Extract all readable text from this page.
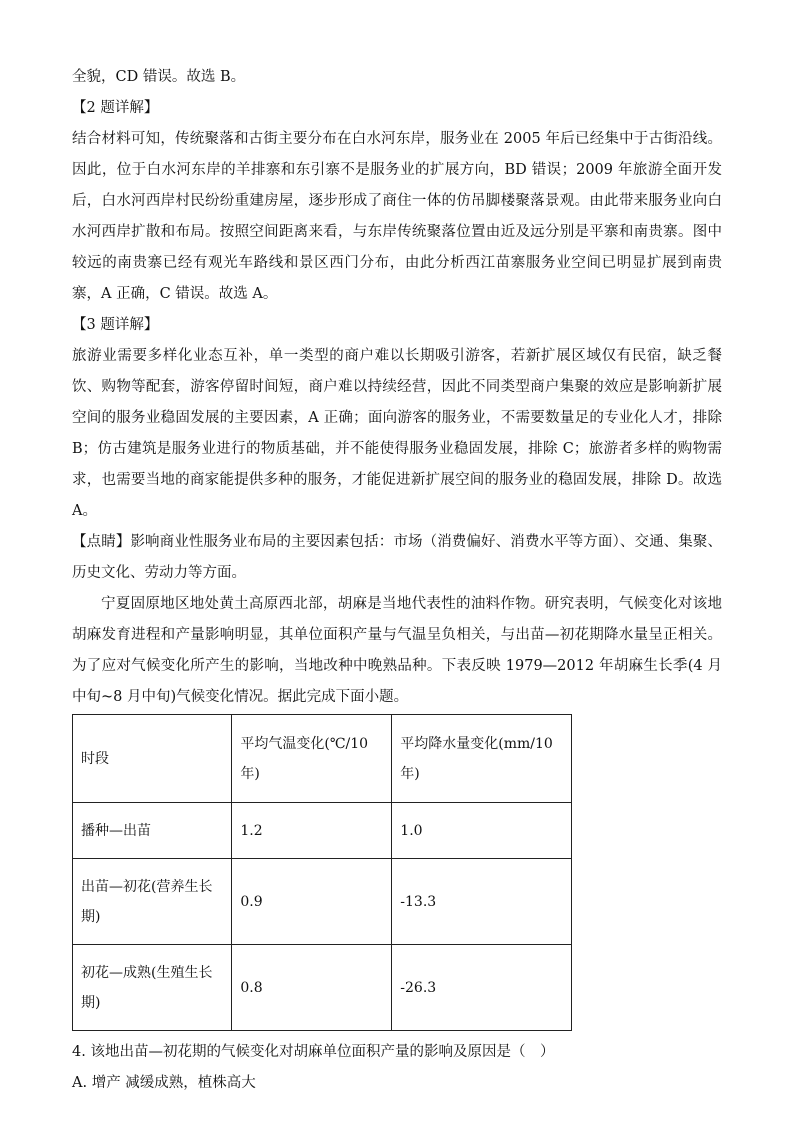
全貌，CD 错误。故选 B。

【2 题详解】

结合材料可知，传统聚落和古街主要分布在白水河东岸，服务业在 2005 年后已经集中于古街沿线。因此，位于白水河东岸的羊排寨和东引寨不是服务业的扩展方向，BD 错误；2009 年旅游全面开发后，白水河西岸村民纷纷重建房屋，逐步形成了商住一体的仿吊脚楼聚落景观。由此带来服务业向白水河西岸扩散和布局。按照空间距离来看，与东岸传统聚落位置由近及远分别是平寨和南贵寨。图中较远的南贵寨已经有观光车路线和景区西门分布，由此分析西江苗寨服务业空间已明显扩展到南贵寨，A 正确，C 错误。故选 A。

【3 题详解】

旅游业需要多样化业态互补，单一类型的商户难以长期吸引游客，若新扩展区域仅有民宿，缺乏餐饮、购物等配套，游客停留时间短，商户难以持续经营，因此不同类型商户集聚的效应是影响新扩展空间的服务业稳固发展的主要因素，A 正确；面向游客的服务业，不需要数量足的专业化人才，排除 B；仿古建筑是服务业进行的物质基础，并不能使得服务业稳固发展，排除 C；旅游者多样的购物需求，也需要当地的商家能提供多种的服务，才能促进新扩展空间的服务业的稳固发展，排除 D。故选 A。

【点睛】影响商业性服务业布局的主要因素包括：市场（消费偏好、消费水平等方面）、交通、集聚、历史文化、劳动力等方面。

宁夏固原地区地处黄土高原西北部，胡麻是当地代表性的油料作物。研究表明，气候变化对该地胡麻发育进程和产量影响明显，其单位面积产量与气温呈负相关，与出苗—初花期降水量呈正相关。为了应对气候变化所产生的影响，当地改种中晚熟品种。下表反映 1979—2012 年胡麻生长季(4 月中旬~8 月中旬)气候变化情况。据此完成下面小题。

时段	平均气温变化(℃/10年)	平均降水量变化(mm/10年)
播种—出苗	1.2	1.0
出苗—初花(营养生长期)	0.9	-13.3
初花—成熟(生殖生长期)	0.8	-26.3

4. 该地出苗—初花期的气候变化对胡麻单位面积产量的影响及原因是（　）

A. 增产 减缓成熟，植株高大
